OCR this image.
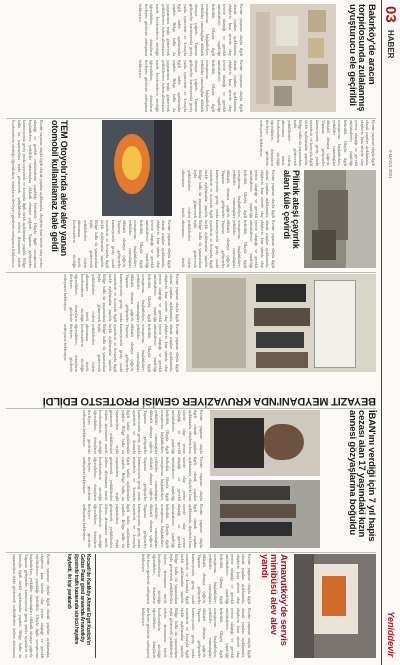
03
HABER
9 MAYIS 2021
Yeniddevir
Bakırköy'de aracın torpidosunda zulalanmış uyuşturucu ele geçirildi
Kentte yaşanan olayla ilgili olarak yapılan açıklamada, ekiplerin kısa sürede olay yerine ulaştığı ve gerekli müdahalenin yapıldığı belirtildi. Olayla ilgili soruşturma başlatılırken, yetkililer vatandaşları dikkatli olmaya çağırdı. Yaşanan gelişmeler kamuoyunda geniş yankı uyandırdı ve konuyla ilgili farklı açıklamalar yapıldı. Bölge halkı da yaşananlara tepki göstererek yetkililerden önlem alınmasını istedi. İncelemelerin sürdüğü öğrenilirken, detayların ilerleyen günlerde netleşmesi bekleniyor.
Kentte yaşanan olayla ilgili olarak yapılan açıklamada, ekiplerin kısa sürede olay yerine ulaştığı ve gerekli müdahalenin yapıldığı belirtildi. Olayla ilgili soruşturma başlatılırken, yetkililer vatandaşları dikkatli olmaya çağırdı. Yaşanan gelişmeler kamuoyunda geniş yankı uyandırdı ve konuyla ilgili farklı açıklamalar yapıldı. Bölge halkı da yaşananlara tepki göstererek yetkililerden önlem alınmasını istedi. İncelemelerin sürdüğü öğrenilirken, detayların ilerleyen günlerde netleşmesi bekleniyor.
Kentte yaşanan olayla ilgili olarak yapılan açıklamada, ekiplerin kısa sürede olay yerine ulaştığı ve gerekli müdahalenin yapıldığı belirtildi. Olayla ilgili soruşturma başlatılırken, yetkililer vatandaşları dikkatli olmaya çağırdı. Yaşanan gelişmeler kamuoyunda geniş yankı uyandırdı ve konuyla ilgili farklı açıklamalar yapıldı. Bölge halkı da yaşananlara tepki göstererek yetkililerden önlem alınmasını istedi. İncelemelerin sürdüğü öğrenilirken, detayların ilerleyen günlerde netleşmesi bekleniyor.
Pilinik ateşi çayırlık alanı küle çevirdi
Kentte yaşanan olayla ilgili olarak yapılan açıklamada, ekiplerin kısa sürede olay yerine ulaştığı ve gerekli müdahalenin yapıldığı belirtildi. Olayla ilgili soruşturma başlatılırken, yetkililer vatandaşları dikkatli olmaya çağırdı. Yaşanan gelişmeler kamuoyunda geniş yankı uyandırdı ve konuyla ilgili farklı açıklamalar yapıldı. Bölge halkı da yaşananlara tepki göstererek yetkililerden önlem alınmasını istedi.
Kentte yaşanan olayla ilgili olarak yapılan açıklamada, ekiplerin kısa sürede olay yerine ulaştığı ve gerekli müdahalenin yapıldığı belirtildi. Olayla ilgili soruşturma başlatılırken, yetkililer vatandaşları dikkatli olmaya çağırdı. Yaşanan gelişmeler kamuoyunda geniş yankı uyandırdı ve konuyla ilgili farklı açıklamalar yapıldı. Bölge halkı da yaşananlara tepki göstererek yetkililerden önlem alınmasını istedi.
Kentte yaşanan olayla ilgili olarak yapılan açıklamada, ekiplerin kısa sürede olay yerine ulaştığı ve gerekli müdahalenin yapıldığı belirtildi. Olayla ilgili soruşturma başlatılırken, yetkililer vatandaşları dikkatli olmaya çağırdı. Yaşanan gelişmeler kamuoyunda geniş yankı uyandırdı ve konuyla ilgili farklı açıklamalar yapıldı. Bölge halkı da yaşananlara tepki göstererek yetkililerden önlem alınmasını istedi. İncelemelerin sürdüğü
TEM Otoyolu'nda alev alev yanan otomobil kullanılamaz hale geldi
Kentte yaşanan olayla ilgili olarak yapılan açıklamada, ekiplerin kısa sürede olay yerine ulaştığı ve gerekli müdahalenin yapıldığı belirtildi. Olayla ilgili soruşturma başlatılırken, yetkililer vatandaşları dikkatli olmaya çağırdı. Yaşanan gelişmeler kamuoyunda geniş yankı uyandırdı ve konuyla ilgili farklı açıklamalar yapıldı. Bölge halkı da yaşananlara tepki göstererek yetkililerden önlem alınmasını istedi. İncelemelerin sürdüğü öğrenilirken, detayların ilerleyen günlerde netleşmesi bekleniyor.
Kentte yaşanan olayla ilgili olarak yapılan açıklamada, ekiplerin kısa sürede olay yerine ulaştığı ve gerekli müdahalenin yapıldığı belirtildi. Olayla ilgili soruşturma başlatılırken, yetkililer vatandaşları dikkatli olmaya çağırdı. Yaşanan gelişmeler kamuoyunda geniş yankı uyandırdı ve konuyla ilgili farklı açıklamalar yapıldı. Bölge halkı da yaşananlara tepki göstererek yetkililerden önlem alınmasını istedi. İncelemelerin sürdüğü öğrenilirken, detayların ilerleyen günlerde netleşmesi bekleniyor.
Kentte yaşanan olayla ilgili olarak yapılan açıklamada, ekiplerin kısa sürede olay yerine ulaştığı ve gerekli müdahalenin yapıldığı belirtildi. Olayla ilgili soruşturma başlatılırken, yetkililer vatandaşları dikkatli olmaya çağırdı. Yaşanan gelişmeler kamuoyunda geniş yankı uyandırdı ve konuyla ilgili farklı açıklamalar yapıldı. Bölge halkı da yaşananlara tepki göstererek yetkililerden önlem alınmasını istedi. İncelemelerin sürdüğü öğrenilirken, detayların ilerleyen günlerde netleşmesi bekleniyor.
BEYAZIT MEYDANI'NDA KRUVAZİYER GEMİSİ PROTESTO EDİLDİ
İBAN'ını verdiği için 7 yıl hapis cezası alan 17 yaşındaki kızın annesi gözyaşlarına boğuldu
Kentte yaşanan olayla ilgili olarak yapılan açıklamada, ekiplerin kısa sürede olay yerine ulaştığı ve gerekli müdahalenin yapıldığı belirtildi. Olayla ilgili soruşturma başlatılırken, yetkililer vatandaşları dikkatli olmaya çağırdı. Yaşanan gelişmeler kamuoyunda geniş yankı uyandırdı ve konuyla ilgili farklı açıklamalar yapıldı. Bölge halkı da yaşananlara tepki göstererek yetkililerden önlem alınmasını istedi. İncelemelerin sürdüğü öğrenilirken, detayların ilerleyen günlerde netleşmesi bekleniyor.
Kentte yaşanan olayla ilgili olarak yapılan açıklamada, ekiplerin kısa sürede olay yerine ulaştığı ve gerekli müdahalenin yapıldığı belirtildi. Olayla ilgili soruşturma başlatılırken, yetkililer vatandaşları dikkatli olmaya çağırdı. Yaşanan gelişmeler kamuoyunda geniş yankı uyandırdı ve konuyla ilgili farklı açıklamalar yapıldı. Bölge halkı da yaşananlara tepki göstererek yetkililerden önlem alınmasını istedi. İncelemelerin sürdüğü öğrenilirken, detayların ilerleyen günlerde netleşmesi bekleniyor.
Kentte yaşanan olayla ilgili olarak yapılan açıklamada, ekiplerin kısa sürede olay yerine ulaştığı ve gerekli müdahalenin yapıldığı belirtildi. Olayla ilgili soruşturma başlatılırken, yetkililer vatandaşları dikkatli olmaya çağırdı. Yaşanan gelişmeler kamuoyunda geniş yankı uyandırdı ve konuyla ilgili farklı açıklamalar yapıldı. Bölge halkı da yaşananlara tepki göstererek yetkililerden önlem alınmasını istedi. İncelemelerin sürdüğü öğrenilirken, detayların ilerleyen günlerde netleşmesi bekleniyor.
Arnavutköy'de servis minibüsü alev alev yandı
Kentte yaşanan olayla ilgili olarak yapılan açıklamada, ekiplerin kısa sürede olay yerine ulaştığı ve gerekli müdahalenin yapıldığı belirtildi. Olayla ilgili soruşturma başlatılırken, yetkililer vatandaşları dikkatli olmaya çağırdı. Yaşanan gelişmeler kamuoyunda geniş yankı uyandırdı ve konuyla ilgili farklı açıklamalar yapıldı. Bölge halkı da yaşananlara tepki göstererek yetkililerden önlem alınmasını istedi. İncelemelerin sürdüğü öğrenilirken, detayların ilerleyen günlerde netleşmesi bekleniyor.
Kentte yaşanan olayla ilgili olarak yapılan açıklamada, ekiplerin kısa sürede olay yerine ulaştığı ve gerekli müdahalenin yapıldığı belirtildi. Olayla ilgili soruşturma başlatılırken, yetkililer vatandaşları dikkatli olmaya çağırdı. Yaşanan gelişmeler kamuoyunda geniş yankı uyandırdı ve konuyla ilgili farklı açıklamalar yapıldı. Bölge halkı da yaşananlara tepki göstererek yetkililerden önlem alınmasını istedi. İncelemelerin sürdüğü öğrenilirken, detayların ilerleyen günlerde netleşmesi bekleniyor.
Kocaeli'de Kadıköy Ahmet Ergit Kızılcık'ın Gebze Pazar günü sırasında Arnavutköy ilçesinde trafik kazasında sürücü hayatını kaybetti, iki kişi yaralandı
Kentte yaşanan olayla ilgili olarak yapılan açıklamada, ekiplerin kısa sürede olay yerine ulaştığı ve gerekli müdahalenin yapıldığı belirtildi. Olayla ilgili soruşturma başlatılırken, yetkililer vatandaşları dikkatli olmaya çağırdı. Yaşanan gelişmeler kamuoyunda geniş yankı uyandırdı ve konuyla ilgili farklı açıklamalar yapıldı. Bölge halkı da yaşananlara tepki göstererek yetkililerden önlem alınmasını
